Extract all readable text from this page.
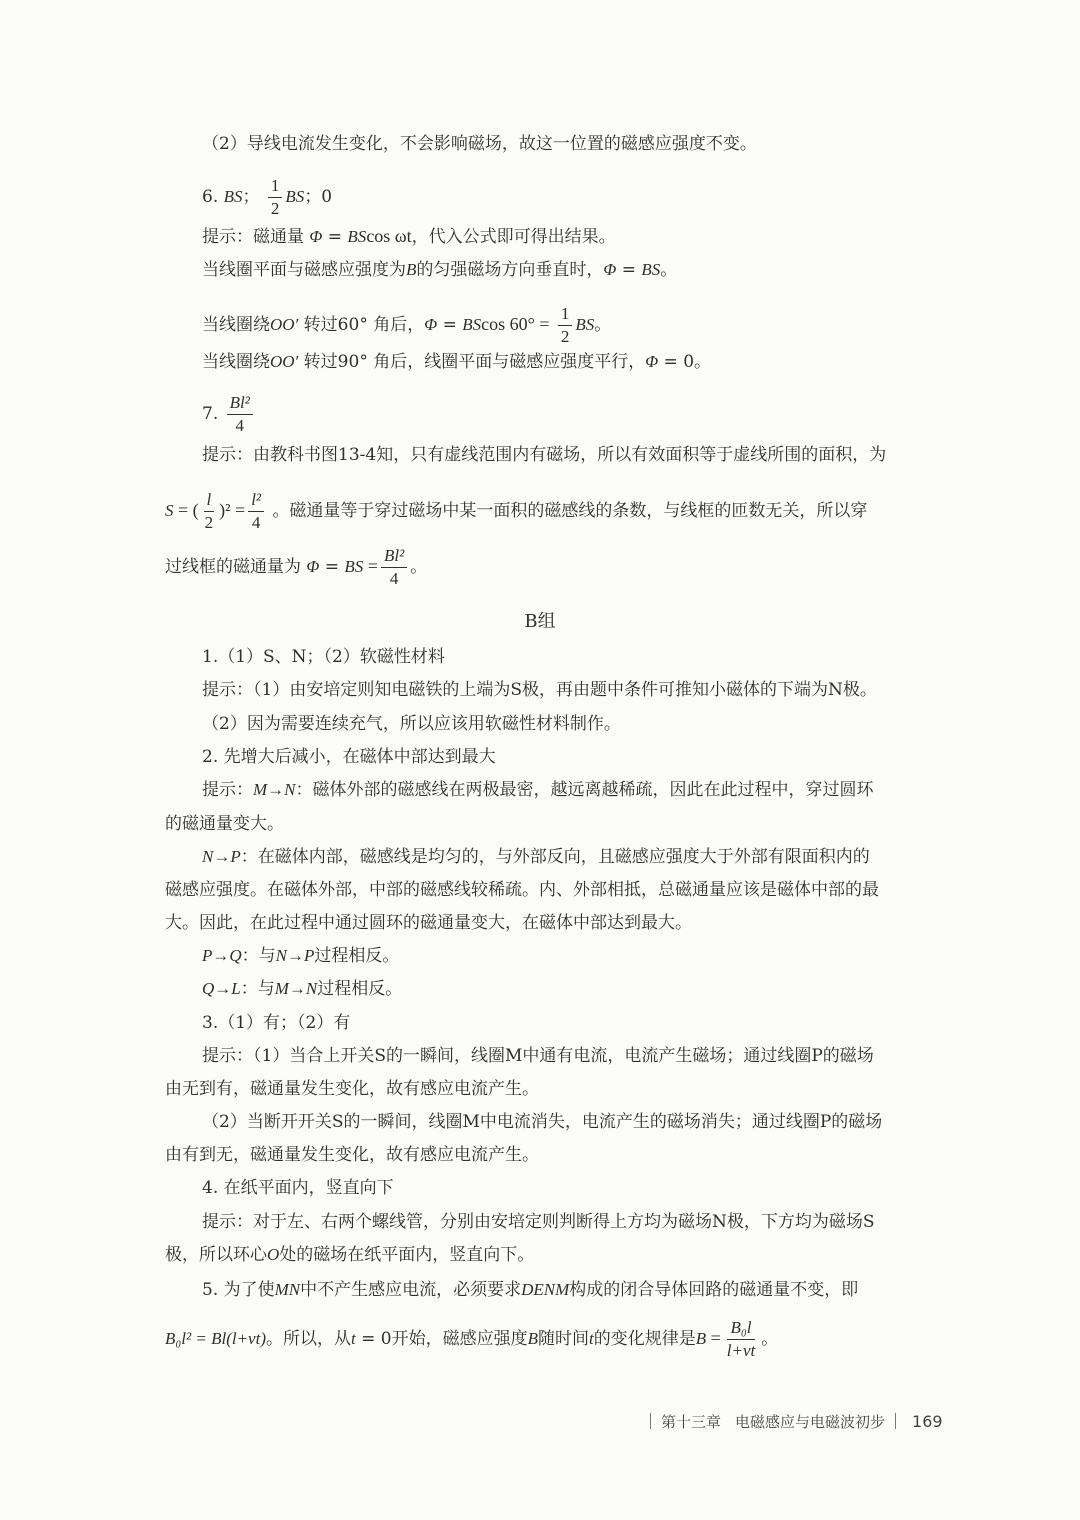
（2）导线电流发生变化，不会影响磁场，故这一位置的磁感应强度不变。
6. BS； $\frac{1}{2}$ BS；0
提示：磁通量 Φ = BScos ωt，代入公式即可得出结果。
当线圈平面与磁感应强度为B的匀强磁场方向垂直时，Φ = BS。
当线圈绕OO′ 转过60° 角后，Φ = BScos $60^\circ = \frac{1}{2}$ BS。
当线圈绕OO′ 转过90° 角后，线圈平面与磁感应强度平行，Φ = 0。
7. $\frac{\text{Bl²}}{4}$
提示：由教科书图13-4知，只有虚线范围内有磁场，所以有效面积等于虚线所围的面积，为
S = ( $\frac{l}{2} )^2 = \frac{\text{l²}}{4}$ 。磁通量等于穿过磁场中某一面积的磁感线的条数，与线框的匝数无关，所以穿
过线框的磁通量为 Φ = BS = $\frac{\text{Bl²}}{4}$ 。
B组
1.（1）S、N；（2）软磁性材料
提示：（1）由安培定则知电磁铁的上端为S极，再由题中条件可推知小磁体的下端为N极。
（2）因为需要连续充气，所以应该用软磁性材料制作。
2. 先增大后减小，在磁体中部达到最大
提示：M→N：磁体外部的磁感线在两极最密，越远离越稀疏，因此在此过程中，穿过圆环
的磁通量变大。
N→P：在磁体内部，磁感线是均匀的，与外部反向，且磁感应强度大于外部有限面积内的
磁感应强度。在磁体外部，中部的磁感线较稀疏。内、外部相抵，总磁通量应该是磁体中部的最
大。因此，在此过程中通过圆环的磁通量变大，在磁体中部达到最大。
P→Q：与N→P过程相反。
Q→L：与M→N过程相反。
3.（1）有；（2）有
提示：（1）当合上开关S的一瞬间，线圈M中通有电流，电流产生磁场；通过线圈P的磁场
由无到有，磁通量发生变化，故有感应电流产生。
（2）当断开开关S的一瞬间，线圈M中电流消失，电流产生的磁场消失；通过线圈P的磁场
由有到无，磁通量发生变化，故有感应电流产生。
4. 在纸平面内，竖直向下
提示：对于左、右两个螺线管，分别由安培定则判断得上方均为磁场N极，下方均为磁场S
极，所以环心O处的磁场在纸平面内，竖直向下。
5. 为了使MN中不产生感应电流，必须要求DENM构成的闭合导体回路的磁通量不变，即
B₀l² = Bl(l+vt)。所以，从t = 0开始，磁感应强度B随时间t的变化规律是$B = \frac{\text{B₀l}}{l+vt}$ 。
第十三章 电磁感应与电磁波初步 169
